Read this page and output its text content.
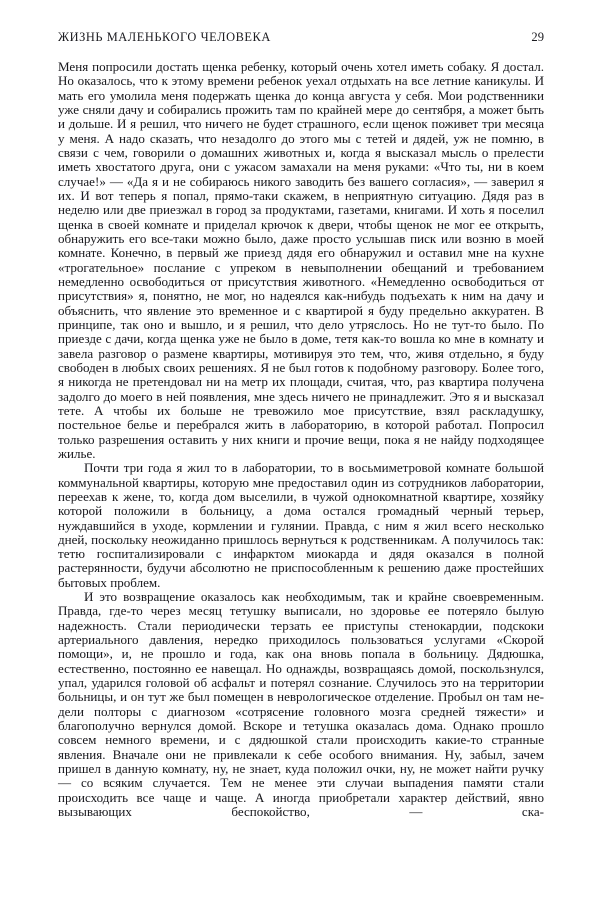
ЖИЗНЬ МАЛЕНЬКОГО ЧЕЛОВЕКА	29

Меня попросили достать щенка ребенку, который очень хотел иметь собаку. Я достал. Но оказалось, что к этому времени ребенок уехал отдыхать на все летние каникулы. И мать его умолила меня подержать щенка до конца августа у себя. Мои родственники уже сняли дачу и собирались прожить там по крайней мере до сентября, а может быть и дольше. И я решил, что ничего не будет страшного, если щенок поживет три месяца у меня. А надо сказать, что незадолго до этого мы с тетей и дядей, уж не помню, в связи с чем, говорили о домашних животных и, когда я высказал мысль о прелести иметь хвостатого друга, они с ужасом замахали на меня руками: «Что ты, ни в коем случае!» — «Да я и не собираюсь никого заводить без вашего согласия», — заверил я их. И вот теперь я попал, прямо-таки скажем, в неприятную ситуацию. Дядя раз в неделю или две приезжал в город за продуктами, газетами, книгами. И хоть я поселил щенка в своей комнате и приделал крючок к двери, чтобы щенок не мог ее открыть, обнаружить его все-таки можно было, даже просто услышав писк или возню в моей комнате. Конечно, в первый же приезд дядя его обнаружил и оставил мне на кухне «трогательное» послание с упреком в невыполнении обещаний и требованием немедленно освободиться от присутствия животного. «Немедленно освободиться от присутствия» я, понятно, не мог, но надеялся как-нибудь подъехать к ним на дачу и объяснить, что явление это временное и с квартирой я буду предельно аккуратен. В принципе, так оно и вышло, и я решил, что дело утряслось. Но не тут-то было. По приезде с дачи, когда щенка уже не было в доме, тетя как-то вошла ко мне в комнату и завела разговор о размене квартиры, мотивируя это тем, что, живя отдельно, я буду свободен в любых своих решениях. Я не был готов к подобному разговору. Более того, я никогда не претендовал ни на метр их площади, считая, что, раз квартира получена задолго до моего в ней появления, мне здесь ничего не принадлежит. Это я и высказал тете. А чтобы их больше не тревожило мое присутствие, взял раскладушку, постельное белье и перебрался жить в лабораторию, в которой работал. Попросил только разрешения оставить у них книги и прочие вещи, пока я не найду подходящее жилье.

Почти три года я жил то в лаборатории, то в восьмиметровой комнате большой коммунальной квартиры, которую мне предоставил один из сотрудников лаборатории, переехав к жене, то, когда дом выселили, в чужой однокомнатной квартире, хозяйку которой положили в больницу, а дома остался громадный черный терьер, нуждавшийся в уходе, кормлении и гулянии. Правда, с ним я жил всего несколько дней, поскольку неожиданно пришлось вернуться к родственникам. А получилось так: тетю госпитализировали с инфарктом миокарда и дядя оказался в полной растерянности, будучи абсолютно не приспособленным к решению даже простейших бытовых проблем.

И это возвращение оказалось как необходимым, так и крайне своевременным. Правда, где-то через месяц тетушку выписали, но здоровье ее потеряло былую надежность. Стали периодически терзать ее приступы стенокардии, подскоки артериального давления, нередко приходилось пользоваться услугами «Скорой помощи», и, не прошло и года, как она вновь попала в больницу. Дядюшка, естественно, постоянно ее навещал. Но однажды, возвращаясь домой, поскользнулся, упал, ударился головой об асфальт и потерял сознание. Случилось это на территории больницы, и он тут же был помещен в неврологическое отделение. Пробыл он там недели полторы с диагнозом «сотрясение головного мозга средней тяжести» и благополучно вернулся домой. Вскоре и тетушка оказалась дома. Однако прошло совсем немного времени, и с дядюшкой стали происходить какие-то странные явления. Вначале они не привлекали к себе особого внимания. Ну, забыл, зачем пришел в данную комнату, ну, не знает, куда положил очки, ну, не может найти ручку — со всяким случается. Тем не менее эти случаи выпадения памяти стали происходить все чаще и чаще. А иногда приобретали характер действий, явно вызывающих беспокойство, — ска-
